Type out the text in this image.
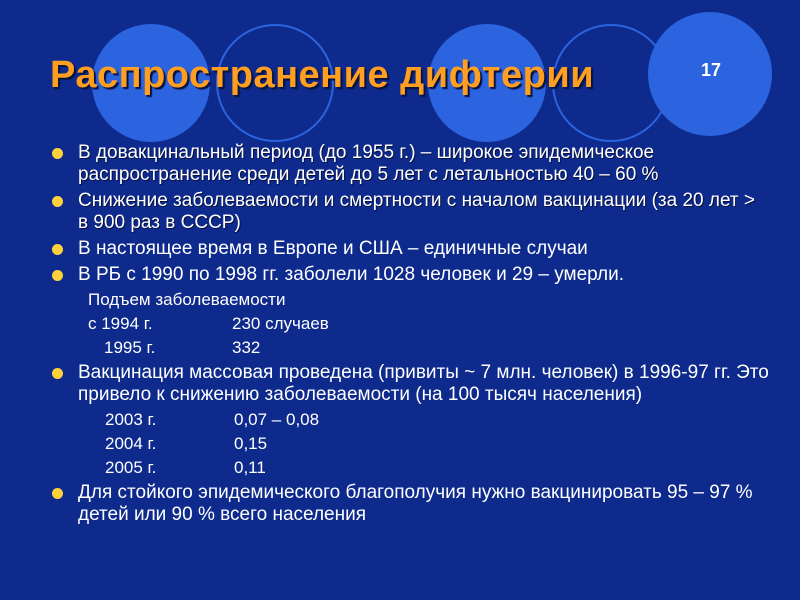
17
Распространение дифтерии
В довакцинальный период (до 1955 г.) – широкое эпидемическое распространение среди детей до 5 лет с летальностью 40 – 60 %
Снижение заболеваемости и смертности с началом вакцинации (за 20 лет > в 900 раз в СССР)
В настоящее время в Европе и США – единичные случаи
В РБ с 1990 по 1998 гг. заболели 1028 человек и 29 – умерли.
Подъем заболеваемости
с 1994 г.	230 случаев
1995 г.	332
Вакцинация массовая проведена (привиты ~ 7 млн. человек) в 1996-97 гг. Это привело к снижению заболеваемости (на 100 тысяч населения)
2003 г.	0,07 – 0,08
2004 г.	0,15
2005 г.	0,11
Для стойкого эпидемического благополучия нужно вакцинировать 95 – 97 % детей или 90 % всего населения
